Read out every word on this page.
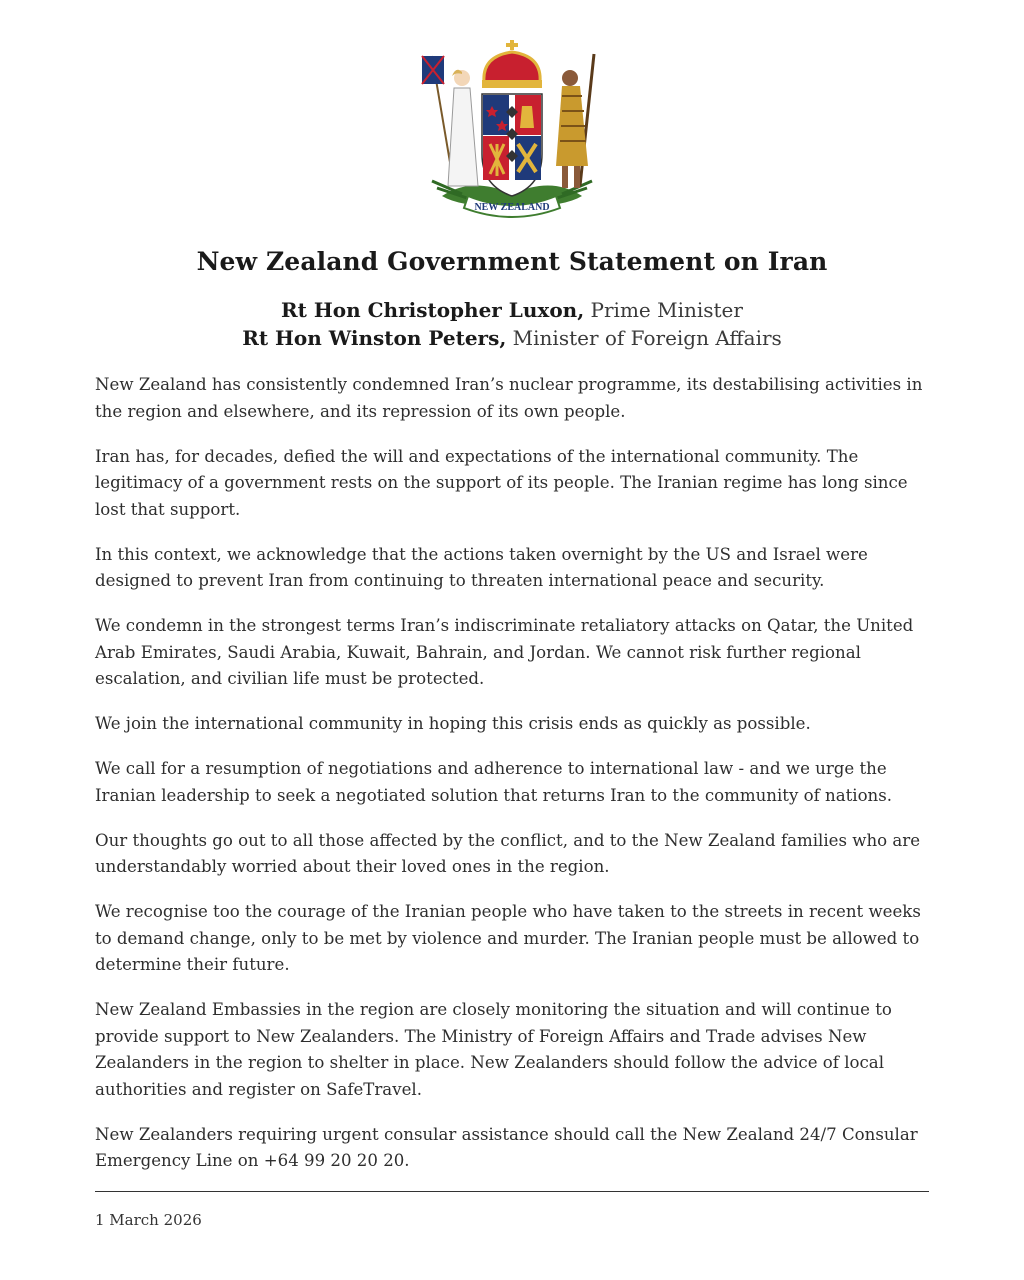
NEW ZEALAND
New Zealand Government Statement on Iran
Rt Hon Christopher Luxon, Prime Minister
Rt Hon Winston Peters, Minister of Foreign Affairs

New Zealand has consistently condemned Iran’s nuclear programme, its destabilising activities in the region and elsewhere, and its repression of its own people.

Iran has, for decades, defied the will and expectations of the international community. The legitimacy of a government rests on the support of its people. The Iranian regime has long since lost that support.

In this context, we acknowledge that the actions taken overnight by the US and Israel were designed to prevent Iran from continuing to threaten international peace and security.

We condemn in the strongest terms Iran’s indiscriminate retaliatory attacks on Qatar, the United Arab Emirates, Saudi Arabia, Kuwait, Bahrain, and Jordan. We cannot risk further regional escalation, and civilian life must be protected.

We join the international community in hoping this crisis ends as quickly as possible.

We call for a resumption of negotiations and adherence to international law - and we urge the Iranian leadership to seek a negotiated solution that returns Iran to the community of nations.

Our thoughts go out to all those affected by the conflict, and to the New Zealand families who are understandably worried about their loved ones in the region.

We recognise too the courage of the Iranian people who have taken to the streets in recent weeks to demand change, only to be met by violence and murder. The Iranian people must be allowed to determine their future.

New Zealand Embassies in the region are closely monitoring the situation and will continue to provide support to New Zealanders. The Ministry of Foreign Affairs and Trade advises New Zealanders in the region to shelter in place. New Zealanders should follow the advice of local authorities and register on SafeTravel.

New Zealanders requiring urgent consular assistance should call the New Zealand 24/7 Consular Emergency Line on +64 99 20 20 20.

1 March 2026
